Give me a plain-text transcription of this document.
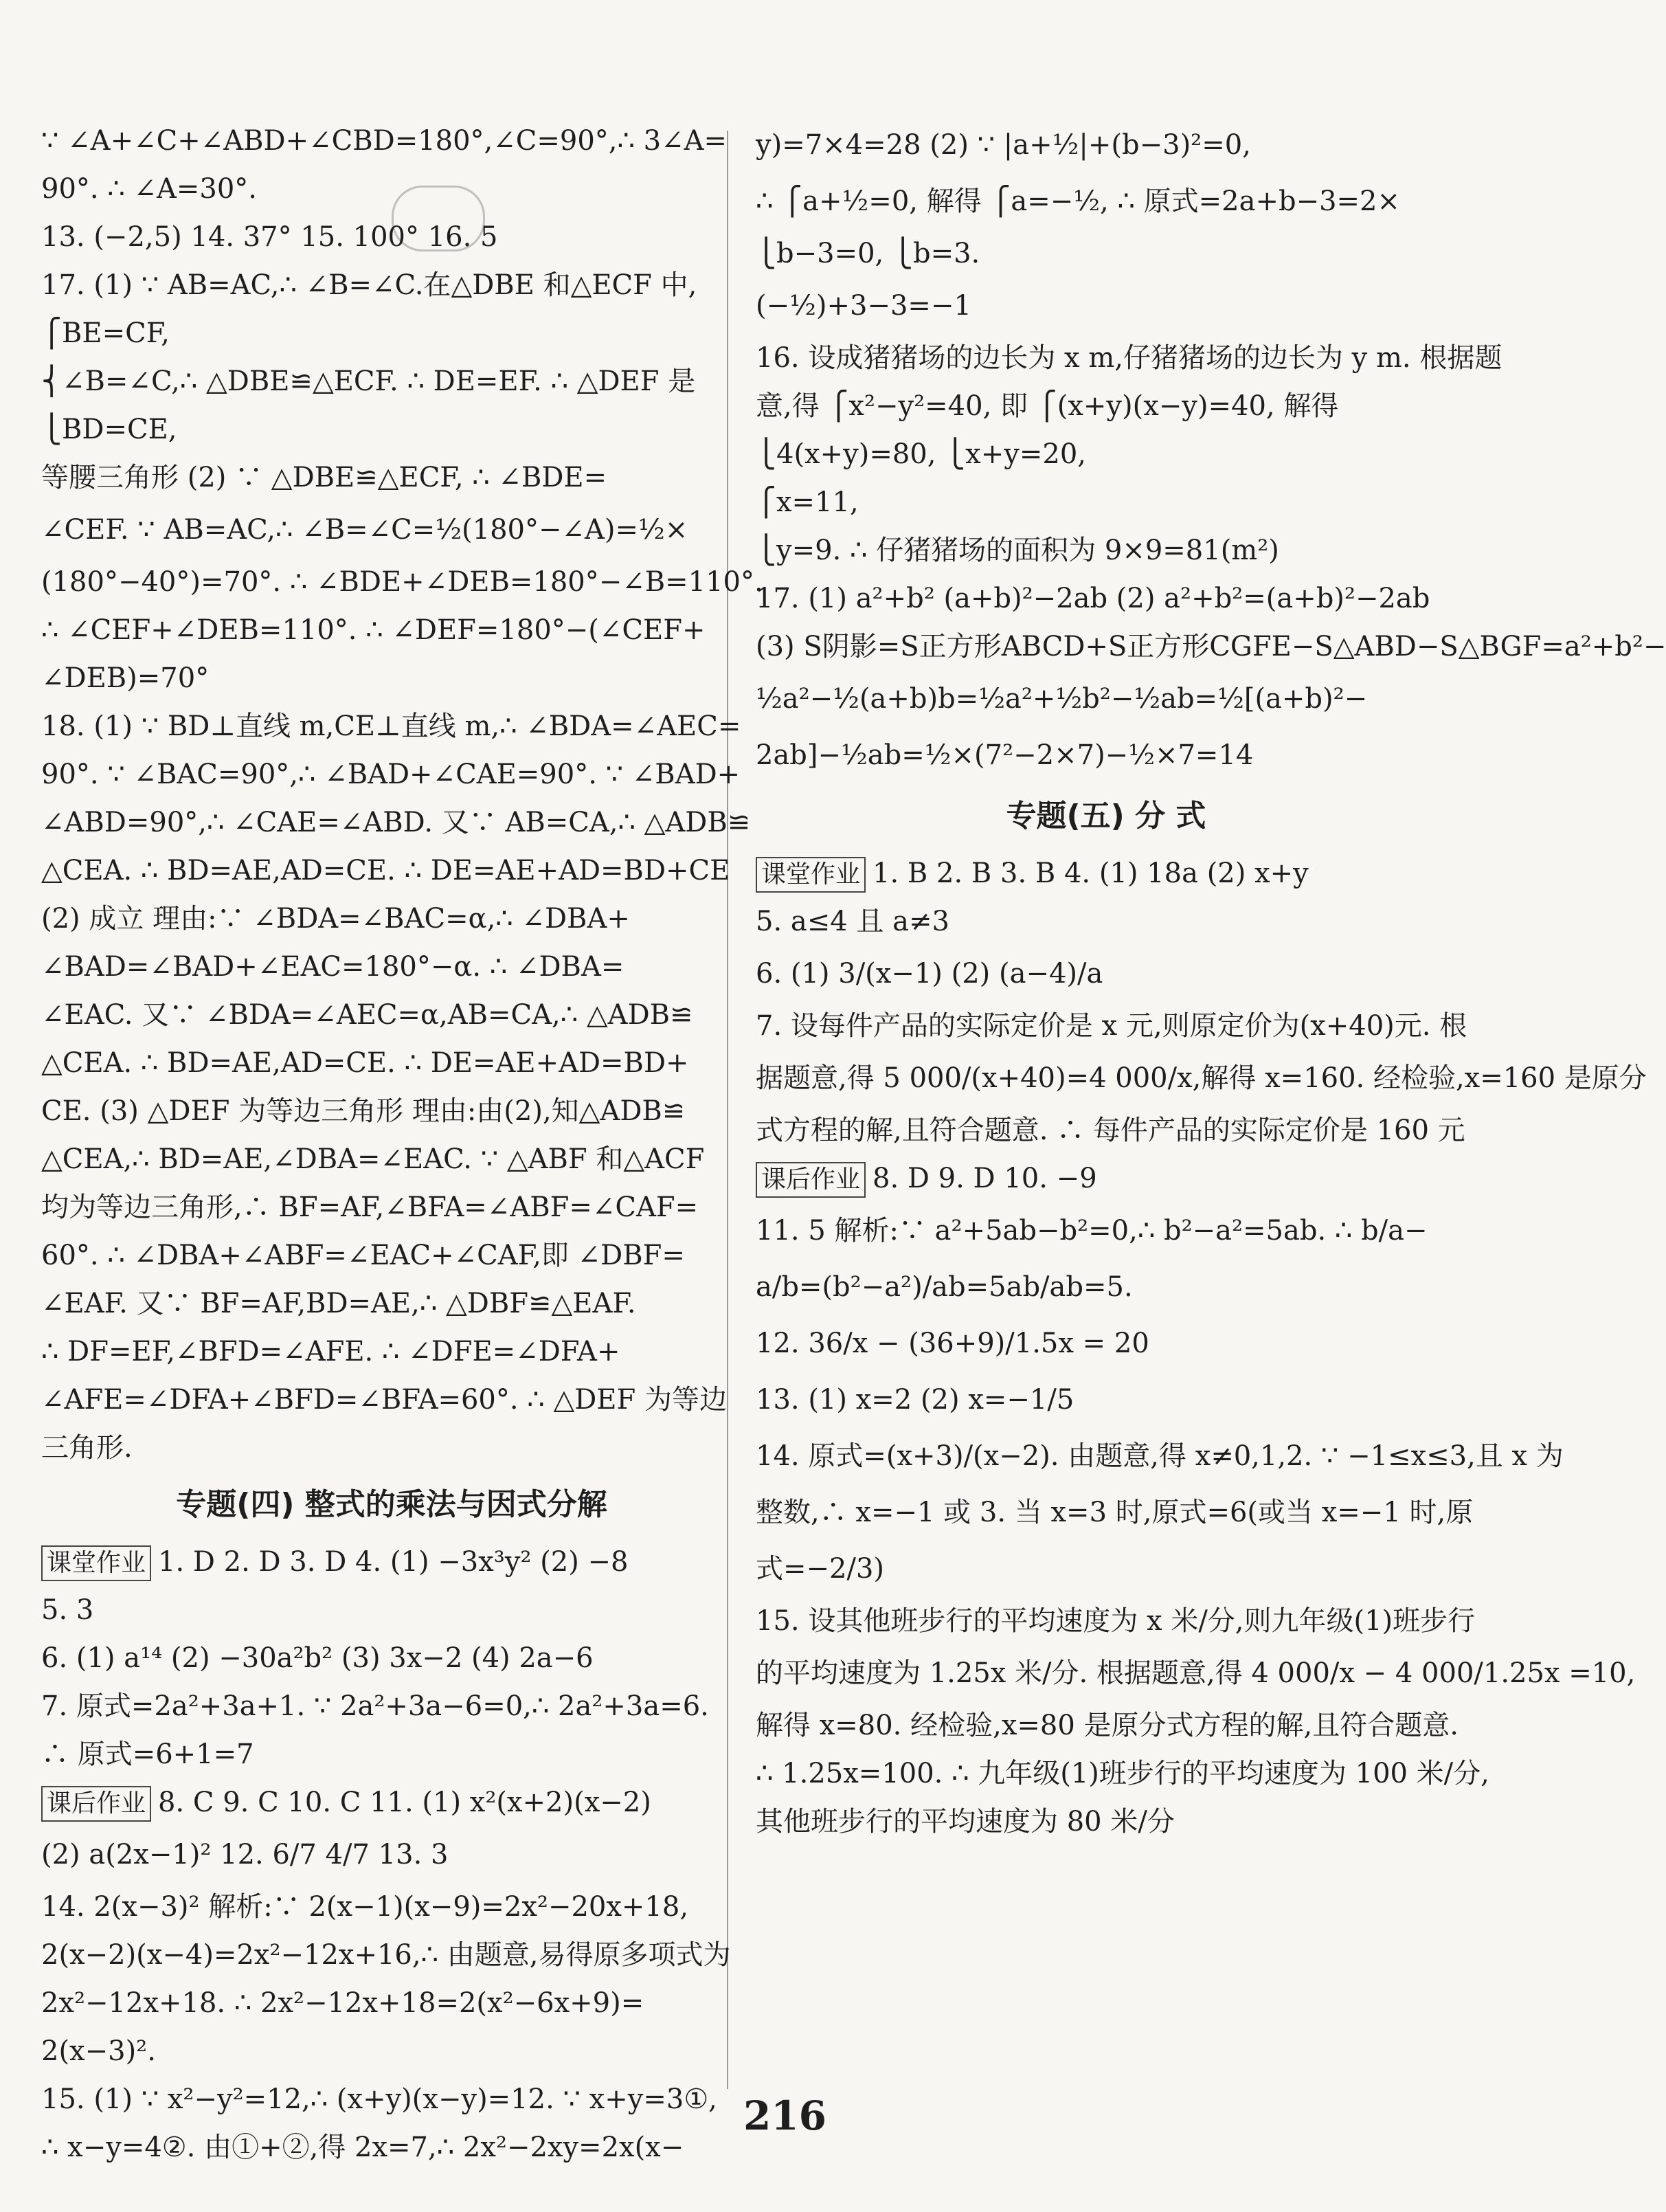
∵ ∠A+∠C+∠ABD+∠CBD=180°,∠C=90°,∴ 3∠A=
90°. ∴ ∠A=30°.
13. (−2,5) 14. 37° 15. 100° 16. 5
17. (1) ∵ AB=AC,∴ ∠B=∠C.在△DBE 和△ECF 中,
⎧BE=CF,
⎨∠B=∠C,∴ △DBE≌△ECF. ∴ DE=EF. ∴ △DEF 是
⎩BD=CE,
等腰三角形 (2) ∵ △DBE≌△ECF, ∴ ∠BDE=
∠CEF. ∵ AB=AC,∴ ∠B=∠C=½(180°−∠A)=½×
(180°−40°)=70°. ∴ ∠BDE+∠DEB=180°−∠B=110°.
∴ ∠CEF+∠DEB=110°. ∴ ∠DEF=180°−(∠CEF+
∠DEB)=70°
18. (1) ∵ BD⊥直线 m,CE⊥直线 m,∴ ∠BDA=∠AEC=
90°. ∵ ∠BAC=90°,∴ ∠BAD+∠CAE=90°. ∵ ∠BAD+
∠ABD=90°,∴ ∠CAE=∠ABD. 又∵ AB=CA,∴ △ADB≌
△CEA. ∴ BD=AE,AD=CE. ∴ DE=AE+AD=BD+CE
(2) 成立 理由:∵ ∠BDA=∠BAC=α,∴ ∠DBA+
∠BAD=∠BAD+∠EAC=180°−α. ∴ ∠DBA=
∠EAC. 又∵ ∠BDA=∠AEC=α,AB=CA,∴ △ADB≌
△CEA. ∴ BD=AE,AD=CE. ∴ DE=AE+AD=BD+
CE. (3) △DEF 为等边三角形 理由:由(2),知△ADB≌
△CEA,∴ BD=AE,∠DBA=∠EAC. ∵ △ABF 和△ACF
均为等边三角形,∴ BF=AF,∠BFA=∠ABF=∠CAF=
60°. ∴ ∠DBA+∠ABF=∠EAC+∠CAF,即 ∠DBF=
∠EAF. 又∵ BF=AF,BD=AE,∴ △DBF≌△EAF.
∴ DF=EF,∠BFD=∠AFE. ∴ ∠DFE=∠DFA+
∠AFE=∠DFA+∠BFD=∠BFA=60°. ∴ △DEF 为等边
三角形.
专题(四) 整式的乘法与因式分解
课堂作业 1. D 2. D 3. D 4. (1) −3x³y² (2) −8
5. 3
6. (1) a¹⁴ (2) −30a²b² (3) 3x−2 (4) 2a−6
7. 原式=2a²+3a+1. ∵ 2a²+3a−6=0,∴ 2a²+3a=6.
∴ 原式=6+1=7
课后作业 8. C 9. C 10. C 11. (1) x²(x+2)(x−2)
(2) a(2x−1)² 12. 6/7 4/7 13. 3
14. 2(x−3)² 解析:∵ 2(x−1)(x−9)=2x²−20x+18,
2(x−2)(x−4)=2x²−12x+16,∴ 由题意,易得原多项式为
2x²−12x+18. ∴ 2x²−12x+18=2(x²−6x+9)=
2(x−3)².
15. (1) ∵ x²−y²=12,∴ (x+y)(x−y)=12. ∵ x+y=3①,
∴ x−y=4②. 由①+②,得 2x=7,∴ 2x²−2xy=2x(x−
y)=7×4=28 (2) ∵ |a+½|+(b−3)²=0,
∴ ⎧a+½=0, 解得 ⎧a=−½, ∴ 原式=2a+b−3=2×
⎩b−3=0, ⎩b=3.
(−½)+3−3=−1
16. 设成猪猪场的边长为 x m,仔猪猪场的边长为 y m. 根据题
意,得 ⎧x²−y²=40, 即 ⎧(x+y)(x−y)=40, 解得
⎩4(x+y)=80, ⎩x+y=20,
⎧x=11,
⎩y=9. ∴ 仔猪猪场的面积为 9×9=81(m²)
17. (1) a²+b² (a+b)²−2ab (2) a²+b²=(a+b)²−2ab
(3) S阴影=S正方形ABCD+S正方形CGFE−S△ABD−S△BGF=a²+b²−
½a²−½(a+b)b=½a²+½b²−½ab=½[(a+b)²−
2ab]−½ab=½×(7²−2×7)−½×7=14
专题(五) 分 式
课堂作业 1. B 2. B 3. B 4. (1) 18a (2) x+y
5. a≤4 且 a≠3
6. (1) 3/(x−1) (2) (a−4)/a
7. 设每件产品的实际定价是 x 元,则原定价为(x+40)元. 根
据题意,得 5 000/(x+40)=4 000/x,解得 x=160. 经检验,x=160 是原分
式方程的解,且符合题意. ∴ 每件产品的实际定价是 160 元
课后作业 8. D 9. D 10. −9
11. 5 解析:∵ a²+5ab−b²=0,∴ b²−a²=5ab. ∴ b/a−
a/b=(b²−a²)/ab=5ab/ab=5.
12. 36/x − (36+9)/1.5x = 20
13. (1) x=2 (2) x=−1/5
14. 原式=(x+3)/(x−2). 由题意,得 x≠0,1,2. ∵ −1≤x≤3,且 x 为
整数,∴ x=−1 或 3. 当 x=3 时,原式=6(或当 x=−1 时,原
式=−2/3)
15. 设其他班步行的平均速度为 x 米/分,则九年级(1)班步行
的平均速度为 1.25x 米/分. 根据题意,得 4 000/x − 4 000/1.25x =10,
解得 x=80. 经检验,x=80 是原分式方程的解,且符合题意.
∴ 1.25x=100. ∴ 九年级(1)班步行的平均速度为 100 米/分,
其他班步行的平均速度为 80 米/分
216
